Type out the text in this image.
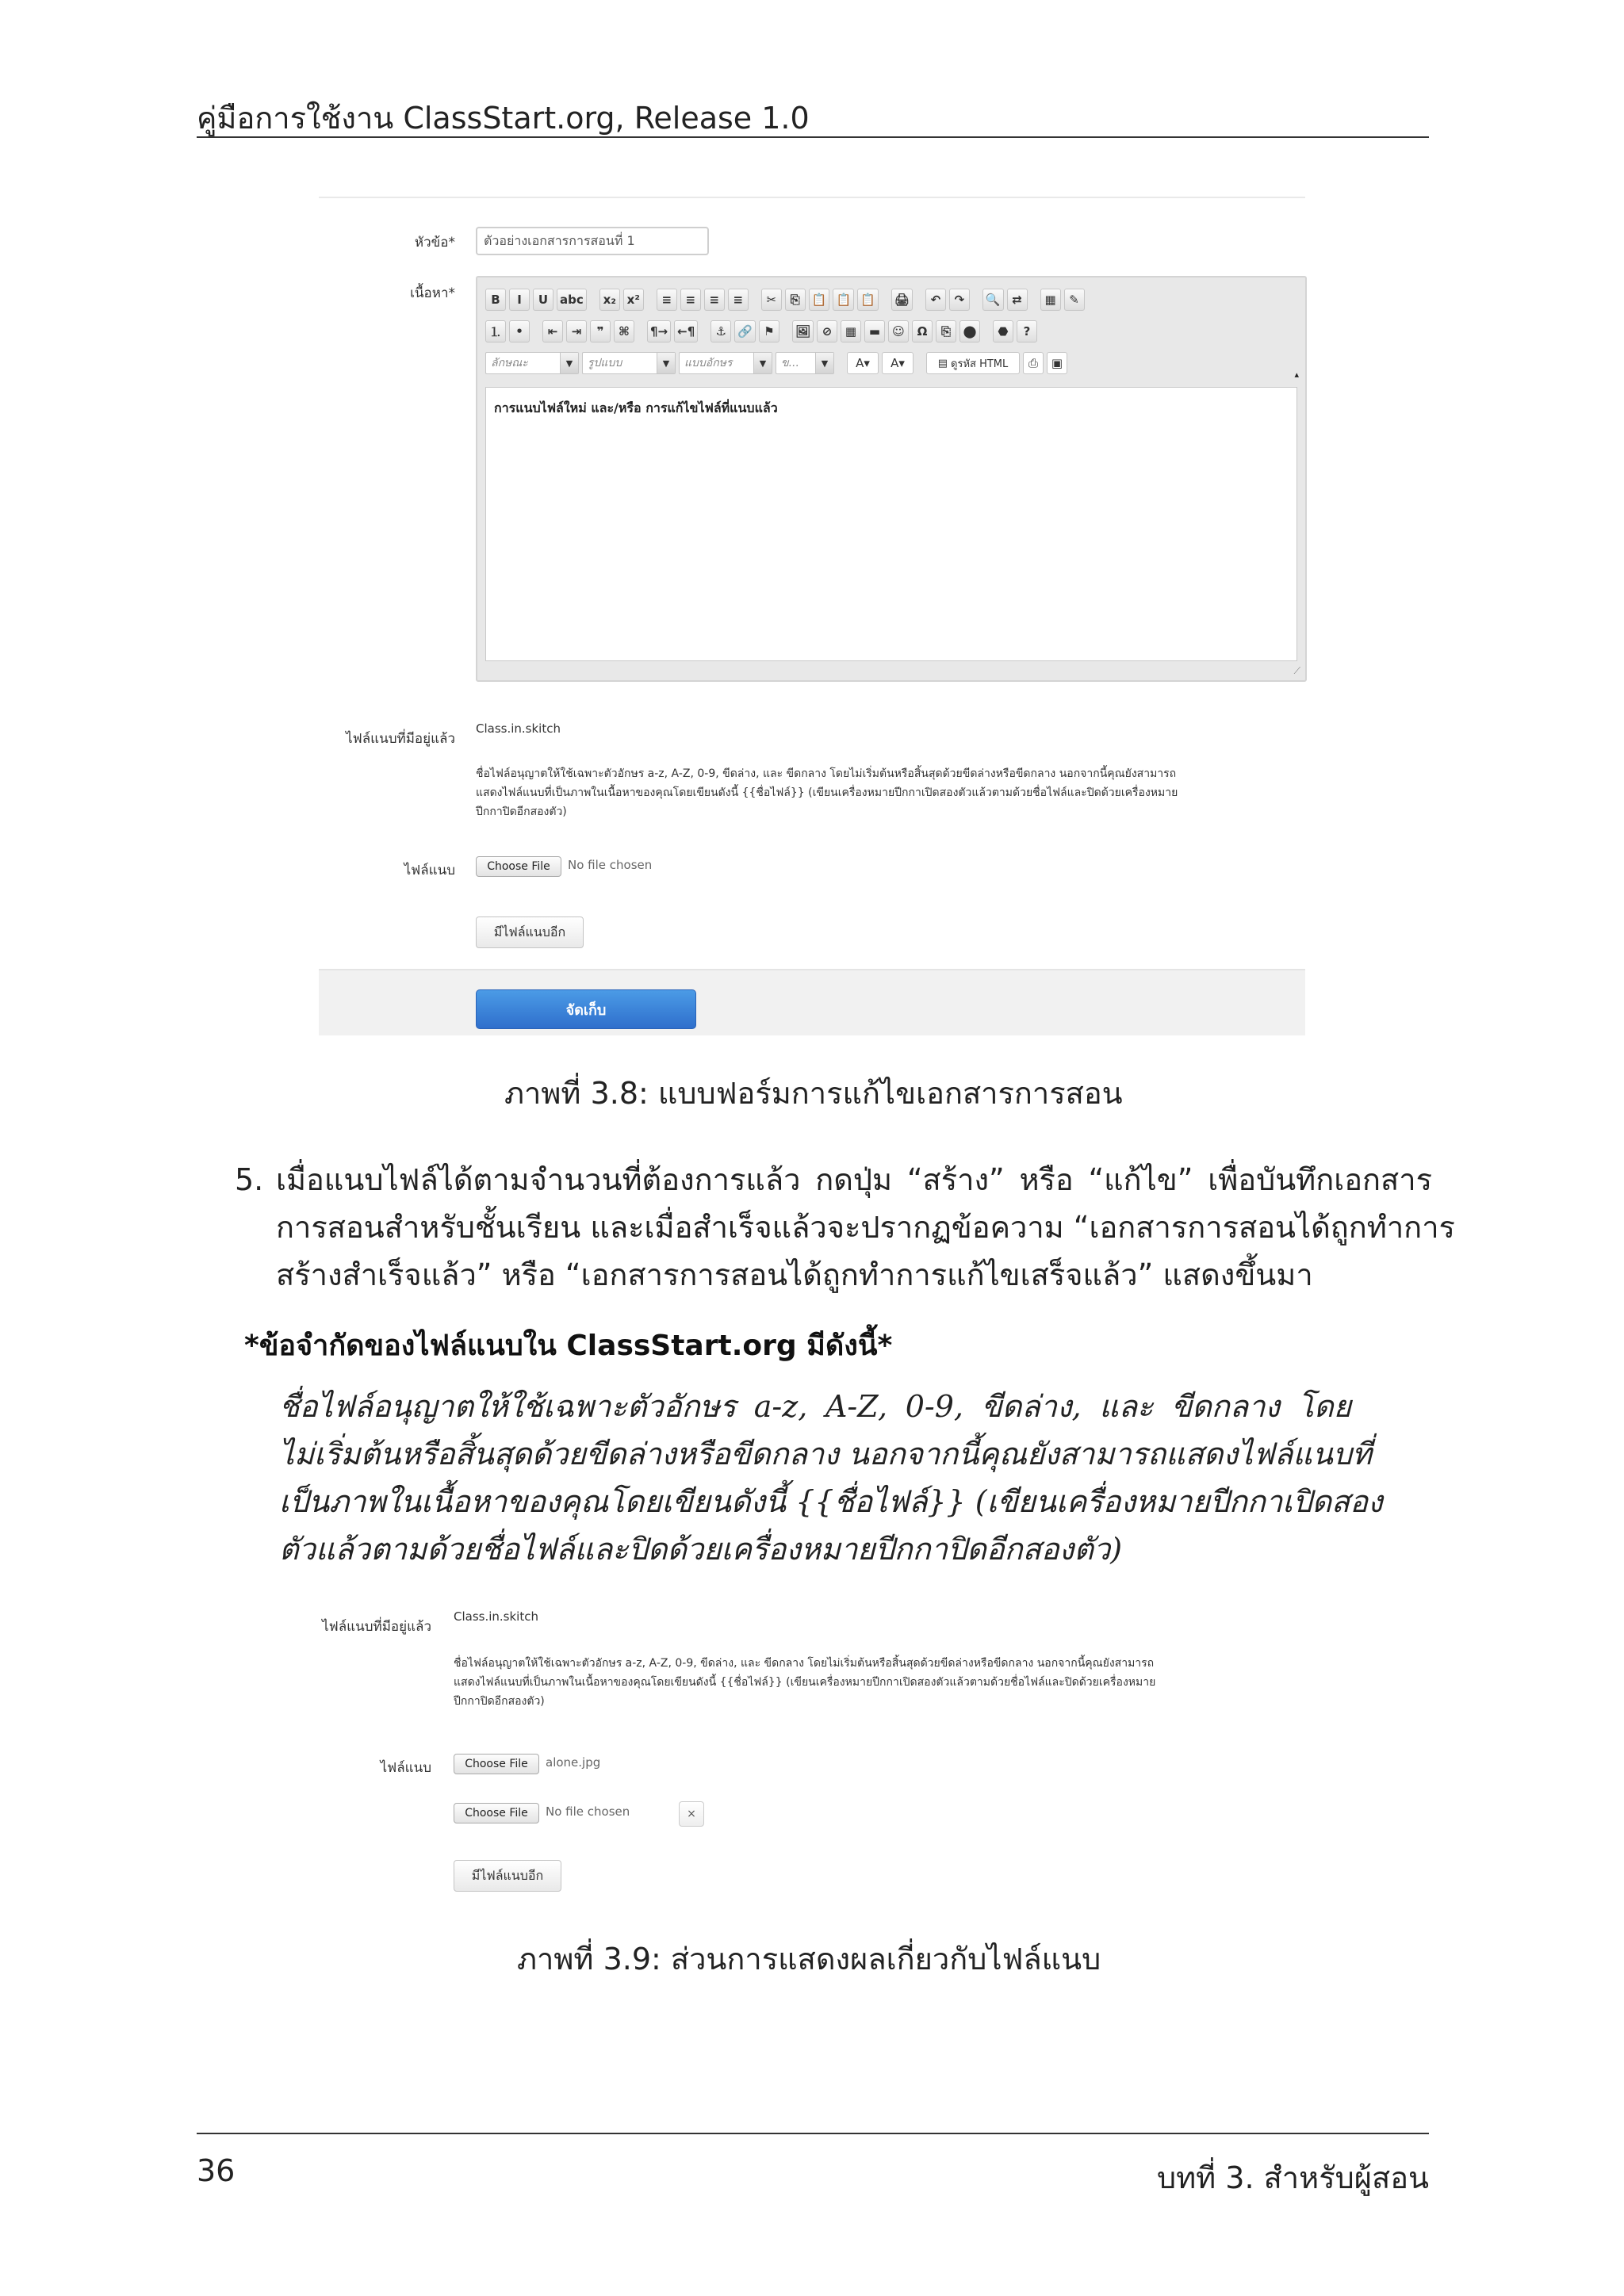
คู่มือการใช้งาน ClassStart.org, Release 1.0
หัวข้อ*	ตัวอย่างเอกสารการสอนที่ 1
เนื้อหา*	B	I	U abc	x₂ x²	≡	≡	≡	≡	✂	⎘	📋 📋 📋 🖨	↶	↷	🔍 ⇄	▦	✎
⒈	•	⇤	⇥	❞	⌘	¶→ ←¶	⚓ 🔗 ⚑	🖼 ⊘	▦	▬	☺	Ω	⎘	⬤	⬣	?
ลักษณะ	▼	รูปแบบ	▼	แบบอักษร	▼	ข...	▼	A▾	A▾	▤ ดูรหัส HTML	⎙	▣
▴
การแนบไฟล์ใหม่ และ/หรือ การแก้ไขไฟล์ที่แนบแล้ว
⟋
ไฟล์แนบที่มีอยู่แล้ว
Class.in.skitch
ชื่อไฟล์อนุญาตให้ใช้เฉพาะตัวอักษร a-z, A-Z, 0-9, ขีดล่าง, และ ขีดกลาง โดยไม่เริ่มต้นหรือสิ้นสุดด้วยขีดล่างหรือขีดกลาง นอกจากนี้คุณยังสามารถ
แสดงไฟล์แนบที่เป็นภาพในเนื้อหาของคุณโดยเขียนดังนี้ {{ชื่อไฟล์}} (เขียนเครื่องหมายปีกกาเปิดสองตัวแล้วตามด้วยชื่อไฟล์และปิดด้วยเครื่องหมาย
ปีกกาปิดอีกสองตัว)
ไฟล์แนบ	Choose File	No file chosen
มีไฟล์แนบอีก
จัดเก็บ
ภาพที่ 3.8: แบบฟอร์มการแก้ไขเอกสารการสอน
5. เมื่อแนบไฟล์ได้ตามจำนวนที่ต้องการแล้ว กดปุ่ม “สร้าง” หรือ “แก้ไข” เพื่อบันทึกเอกสาร
การสอนสำหรับชั้นเรียน และเมื่อสำเร็จแล้วจะปรากฏข้อความ “เอกสารการสอนได้ถูกทำการ
สร้างสำเร็จแล้ว” หรือ “เอกสารการสอนได้ถูกทำการแก้ไขเสร็จแล้ว” แสดงขึ้นมา
*ข้อจำกัดของไฟล์แนบใน ClassStart.org มีดังนี้*
ชื่อไฟล์อนุญาตให้ใช้เฉพาะตัวอักษร a-z, A-Z, 0-9, ขีดล่าง, และ ขีดกลาง โดย
ไม่เริ่มต้นหรือสิ้นสุดด้วยขีดล่างหรือขีดกลาง นอกจากนี้คุณยังสามารถแสดงไฟล์แนบที่
เป็นภาพในเนื้อหาของคุณโดยเขียนดังนี้ {{ชื่อไฟล์}} (เขียนเครื่องหมายปีกกาเปิดสอง
ตัวแล้วตามด้วยชื่อไฟล์และปิดด้วยเครื่องหมายปีกกาปิดอีกสองตัว)
ไฟล์แนบที่มีอยู่แล้ว
Class.in.skitch
ชื่อไฟล์อนุญาตให้ใช้เฉพาะตัวอักษร a-z, A-Z, 0-9, ขีดล่าง, และ ขีดกลาง โดยไม่เริ่มต้นหรือสิ้นสุดด้วยขีดล่างหรือขีดกลาง นอกจากนี้คุณยังสามารถ
แสดงไฟล์แนบที่เป็นภาพในเนื้อหาของคุณโดยเขียนดังนี้ {{ชื่อไฟล์}} (เขียนเครื่องหมายปีกกาเปิดสองตัวแล้วตามด้วยชื่อไฟล์และปิดด้วยเครื่องหมาย
ปีกกาปิดอีกสองตัว)
ไฟล์แนบ	Choose File	alone.jpg
Choose File	No file chosen	×
มีไฟล์แนบอีก
ภาพที่ 3.9: ส่วนการแสดงผลเกี่ยวกับไฟล์แนบ
36	บทที่ 3. สำหรับผู้สอน
